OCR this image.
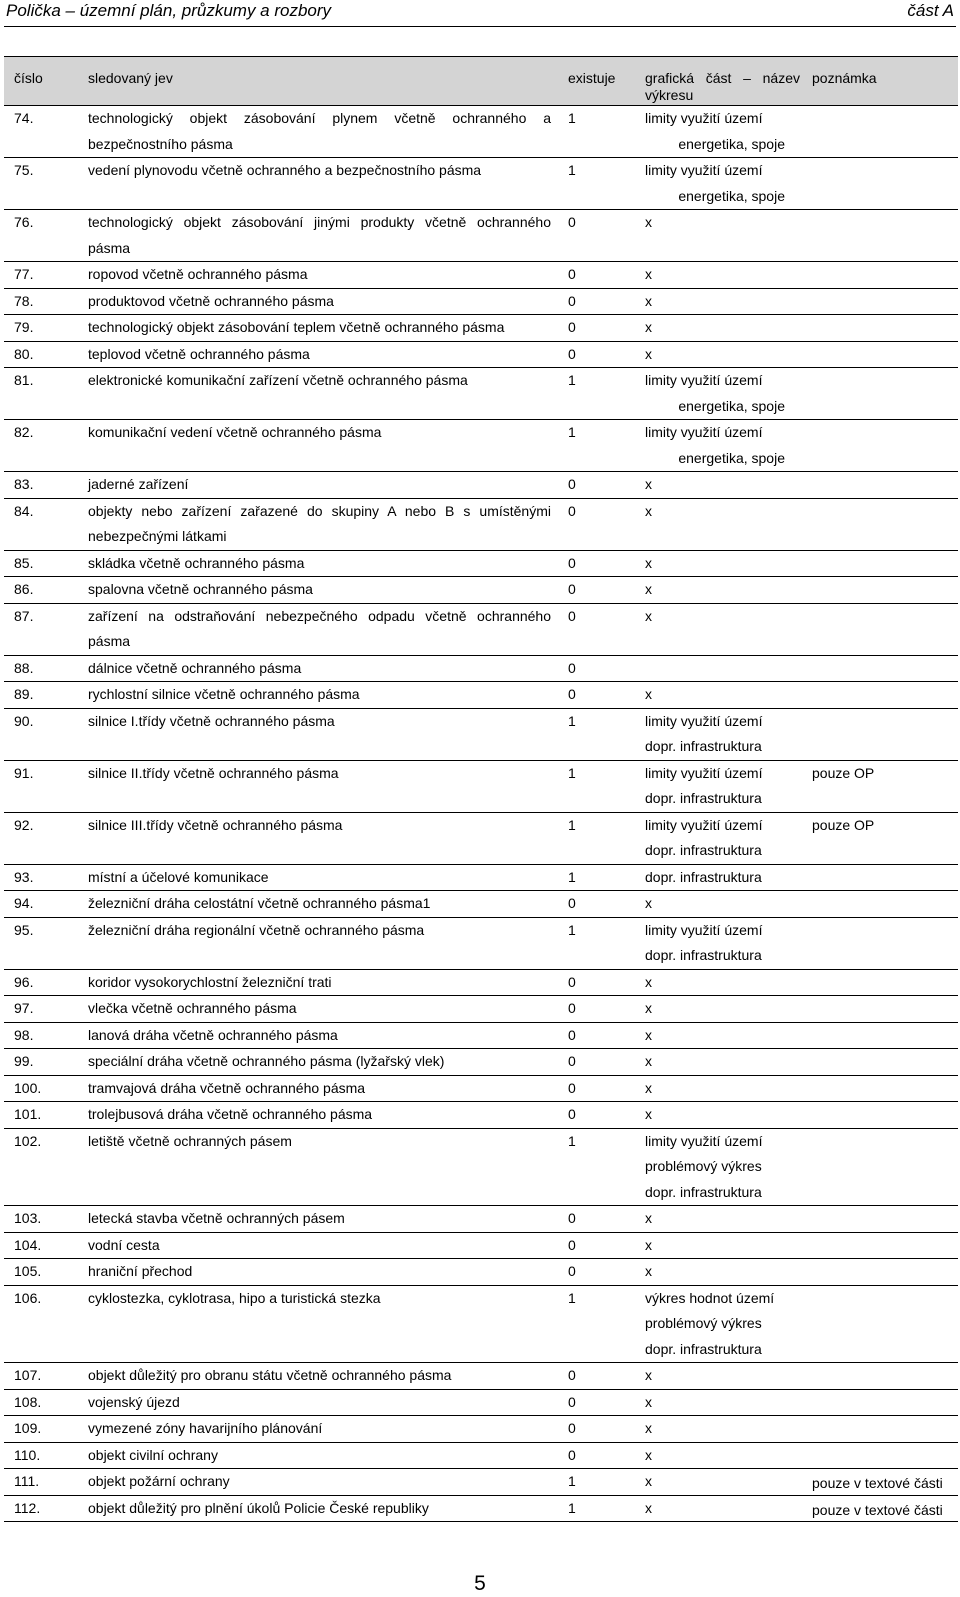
Polička – územní plán, průzkumy a rozbory	část A
číslo	sledovaný jev	existuje	grafická část – název výkresu	poznámka
74.	technologický objekt zásobování plynem včetně ochranného a bezpečnostního pásma	1	limity využití území
energetika, spoje	

75.	vedení plynovodu včetně ochranného a bezpečnostního pásma	1	limity využití území
energetika, spoje	

76.	technologický objekt zásobování jinými produkty včetně ochranného pásma	0	x	

77.	ropovod včetně ochranného pásma	0	x	

78.	produktovod včetně ochranného pásma	0	x	

79.	technologický objekt zásobování teplem včetně ochranného pásma	0	x	

80.	teplovod včetně ochranného pásma	0	x	

81.	elektronické komunikační zařízení včetně ochranného pásma	1	limity využití území
energetika, spoje	

82.	komunikační vedení včetně ochranného pásma	1	limity využití území
energetika, spoje	

83.	jaderné zařízení	0	x	

84.	objekty nebo zařízení zařazené do skupiny A nebo B s umístěnými nebezpečnými látkami	0	x	

85.	skládka včetně ochranného pásma	0	x	

86.	spalovna včetně ochranného pásma	0	x	

87.	zařízení na odstraňování nebezpečného odpadu včetně ochranného pásma	0	x	

88.	dálnice včetně ochranného pásma	0		
89.	rychlostní silnice včetně ochranného pásma	0	x	

90.	silnice I.třídy včetně ochranného pásma	1	limity využití území
dopr. infrastruktura	

91.	silnice II.třídy včetně ochranného pásma	1	limity využití území
dopr. infrastruktura	pouze OP
92.	silnice III.třídy včetně ochranného pásma	1	limity využití území
dopr. infrastruktura	pouze OP
93.	místní a účelové komunikace	1	dopr. infrastruktura	

94.	železniční dráha celostátní včetně ochranného pásma1	0	x	

95.	železniční dráha regionální včetně ochranného pásma	1	limity využití území
dopr. infrastruktura	

96.	koridor vysokorychlostní železniční trati	0	x	

97.	vlečka včetně ochranného pásma	0	x	

98.	lanová dráha včetně ochranného pásma	0	x	

99.	speciální dráha včetně ochranného pásma (lyžařský vlek)	0	x	

100.	tramvajová dráha včetně ochranného pásma	0	x	

101.	trolejbusová dráha včetně ochranného pásma	0	x	

102.	letiště včetně ochranných pásem	1	limity využití území
problémový výkres
dopr. infrastruktura	

103.	letecká stavba včetně ochranných pásem	0	x	

104.	vodní cesta	0	x	

105.	hraniční přechod	0	x	

106.	cyklostezka, cyklotrasa, hipo a turistická stezka	1	výkres hodnot území
problémový výkres
dopr. infrastruktura	

107.	objekt důležitý pro obranu státu včetně ochranného pásma	0	x	

108.	vojenský újezd	0	x	

109.	vymezené zóny havarijního plánování	0	x	

110.	objekt civilní ochrany	0	x	

111.	objekt požární ochrany	1	x	pouze v textové části
112.	objekt důležitý pro plnění úkolů Policie České republiky	1	x	pouze v textové části
5
